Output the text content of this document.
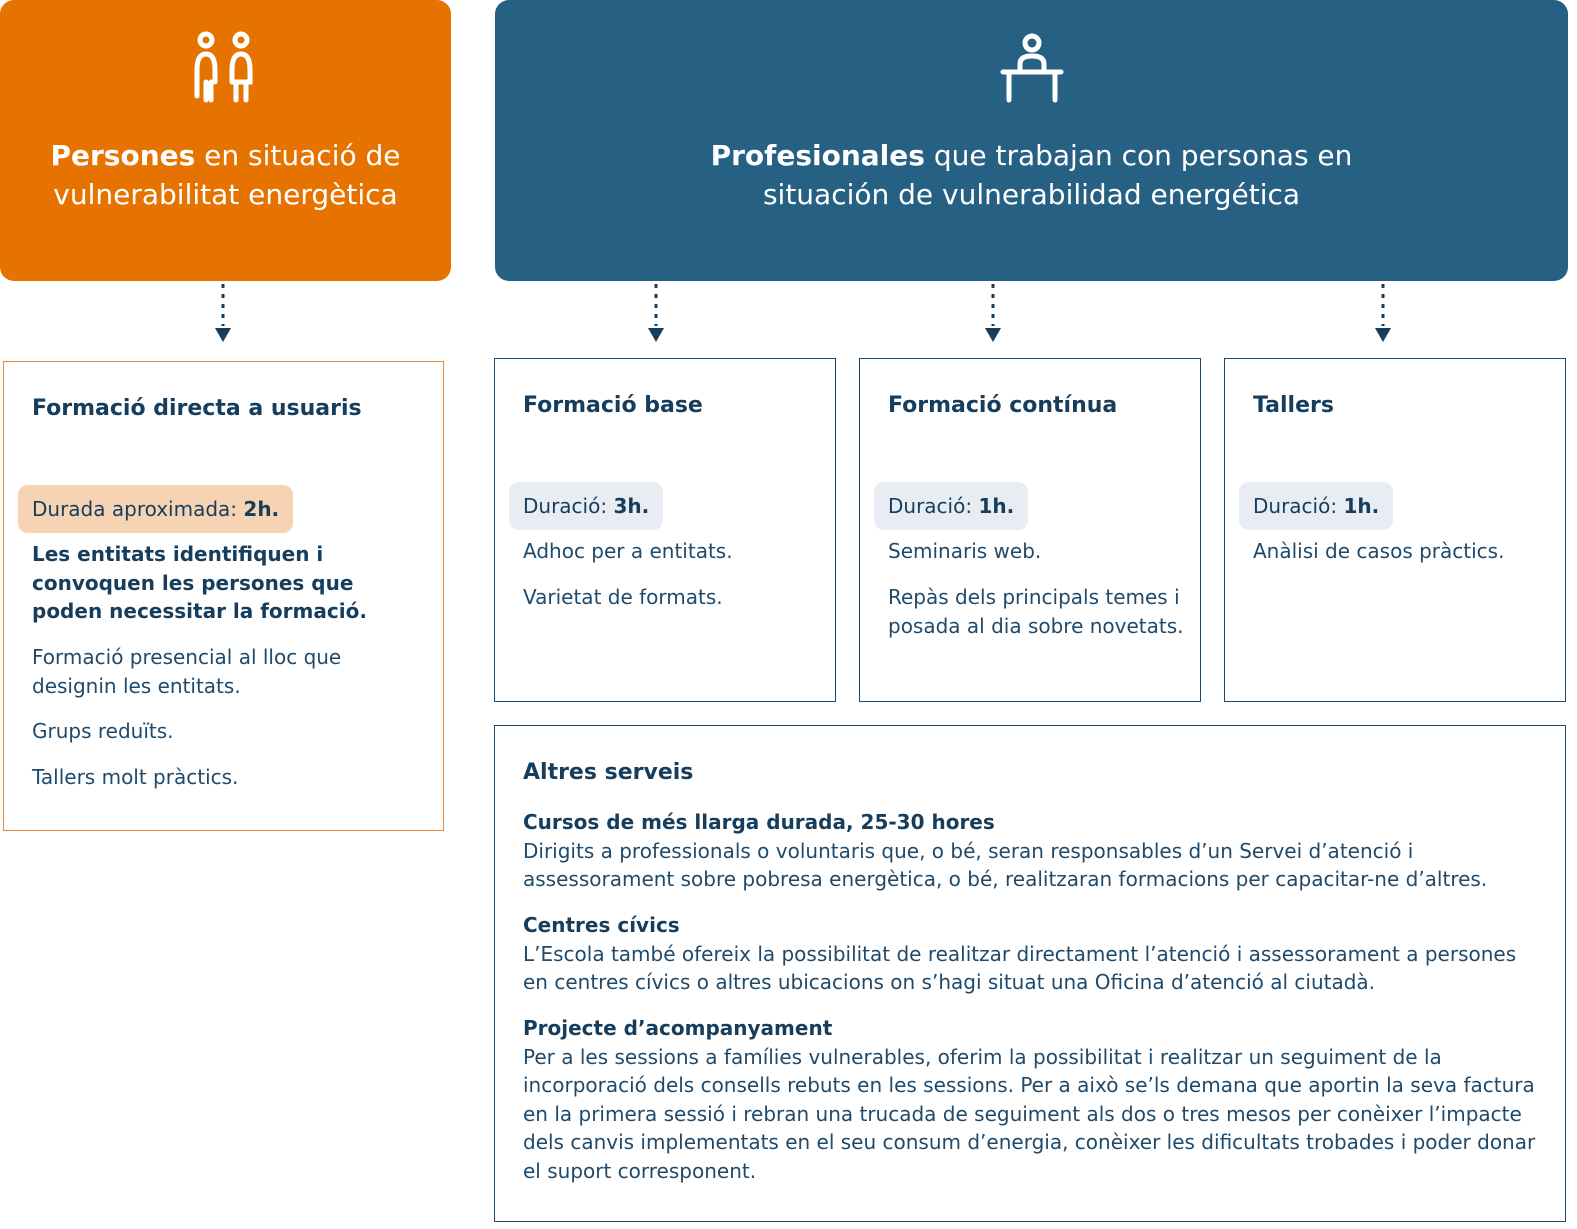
Persones en situació de
vulnerabilitat energètica
Profesionales que trabajan con personas en
situación de vulnerabilidad energética
Formació directa a usuaris
Durada aproximada: 2h.
Les entitats identifiquen i convoquen les persones que poden necessitar la formació.
Formació presencial al lloc que designin les entitats.
Grups reduïts.
Tallers molt pràctics.
Formació base
Duració: 3h.
Adhoc per a entitats.
Varietat de formats.
Formació contínua
Duració: 1h.
Seminaris web.
Repàs dels principals temes i posada al dia sobre novetats.
Tallers
Duració: 1h.
Anàlisi de casos pràctics.
Altres serveis
Cursos de més llarga durada, 25-30 hores
Dirigits a professionals o voluntaris que, o bé, seran responsables d’un Servei d’atenció i assessorament sobre pobresa energètica, o bé, realitzaran formacions per capacitar-ne d’altres.
Centres cívics
L’Escola també ofereix la possibilitat de realitzar directament l’atenció i assessorament a persones en centres cívics o altres ubicacions on s’hagi situat una Oficina d’atenció al ciutadà.
Projecte d’acompanyament
Per a les sessions a famílies vulnerables, oferim la possibilitat i realitzar un seguiment de la incorporació dels consells rebuts en les sessions. Per a això se’ls demana que aportin la seva factura en la primera sessió i rebran una trucada de seguiment als dos o tres mesos per conèixer l’impacte dels canvis implementats en el seu consum d’energia, conèixer les dificultats trobades i poder donar el suport corresponent.
